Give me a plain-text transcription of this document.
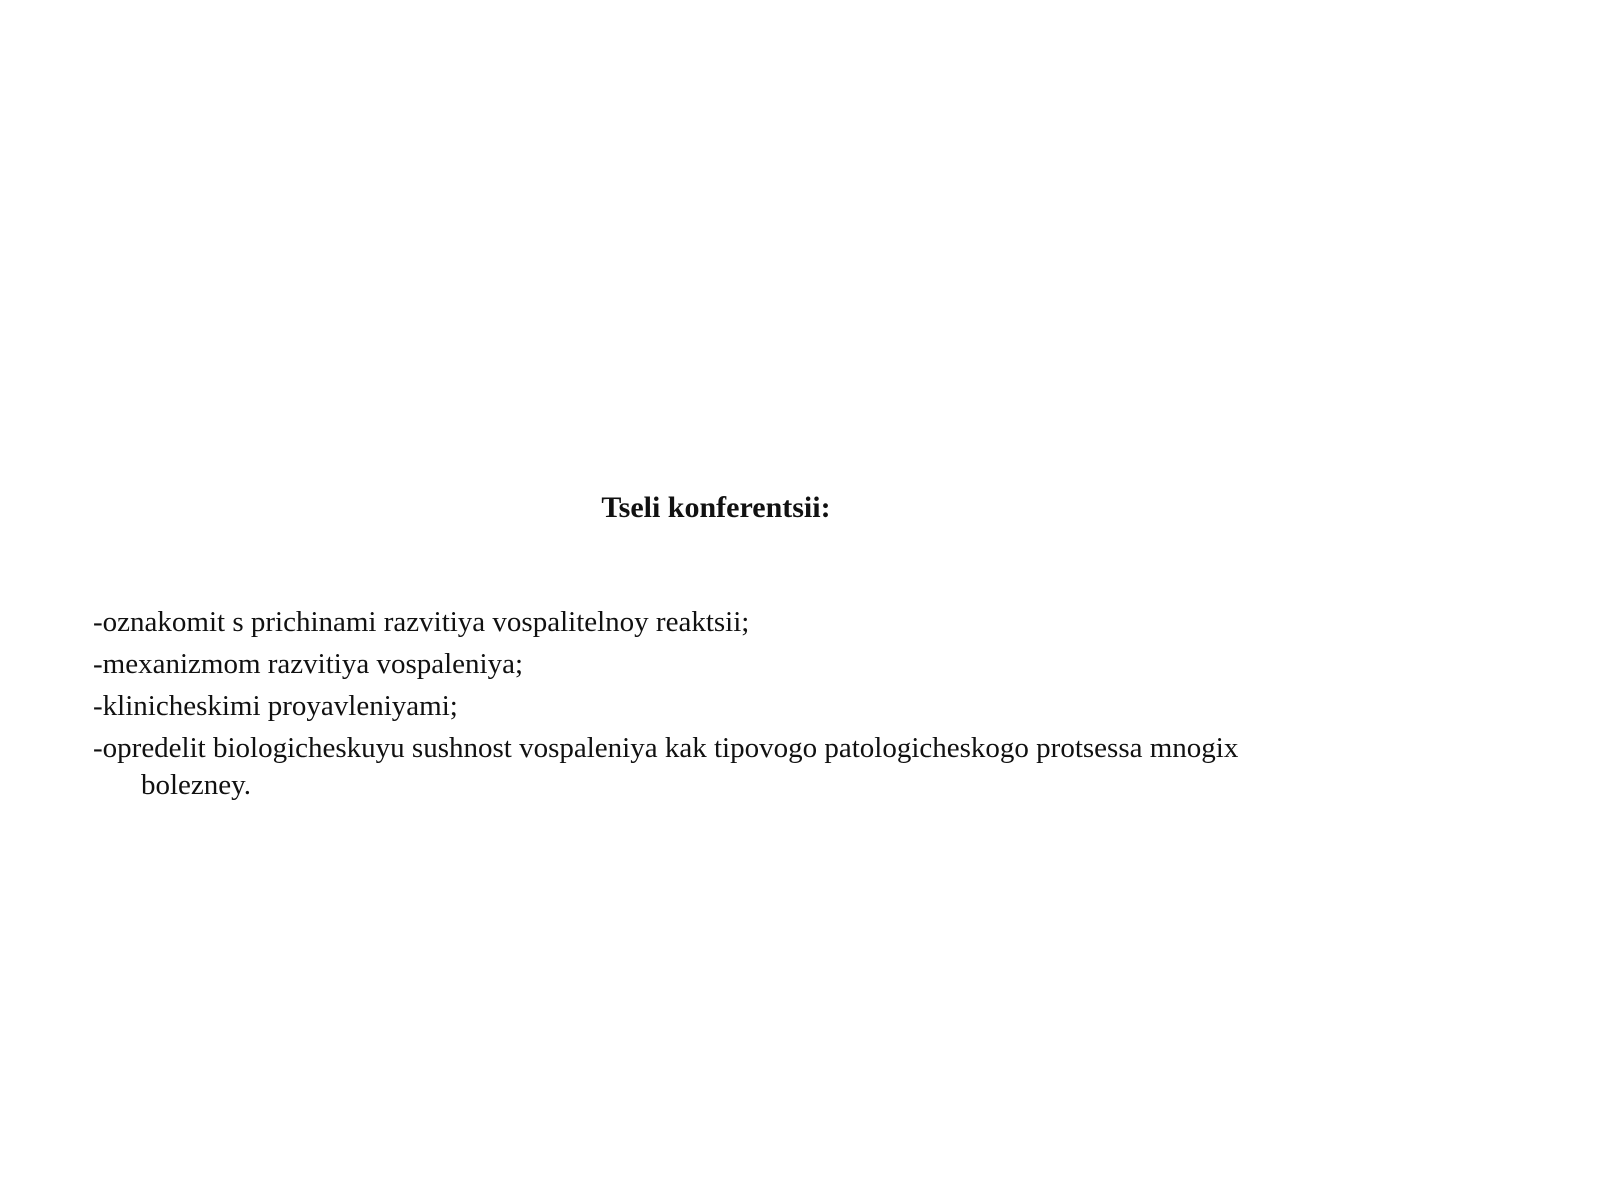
Tseli konferentsii:
-oznakomit s prichinami razvitiya vospalitelnoy reaktsii;
-mexanizmom razvitiya vospaleniya;
-klinicheskimi proyavleniyami;
-opredelit biologicheskuyu sushnost vospaleniya kak tipovogo patologicheskogo protsessa mnogix bolezney.
